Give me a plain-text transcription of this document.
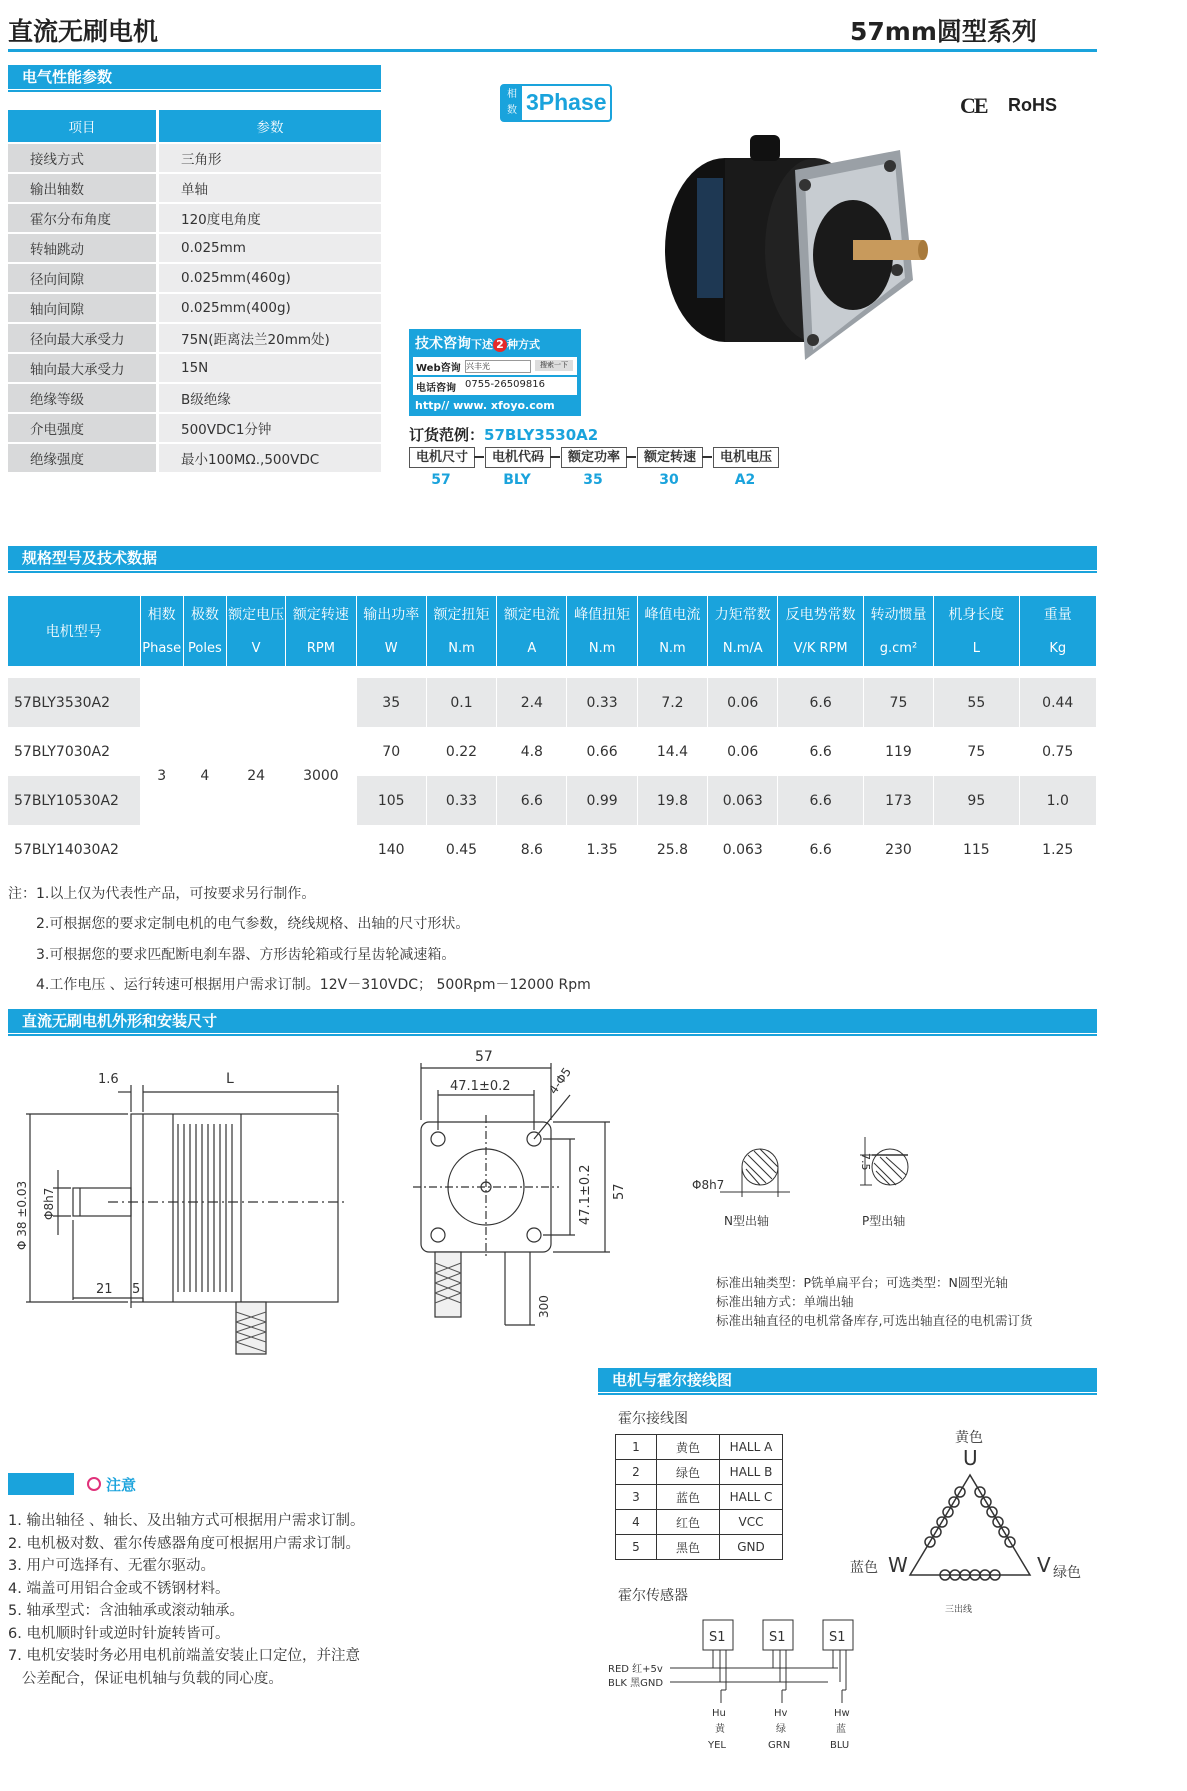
直流无刷电机	57mm圆型系列
电气性能参数
项目	参数
接线方式	三角形
输出轴数	单轴
霍尔分布角度	120度电角度
转轴跳动	0.025mm
径向间隙	0.025mm(460g)
轴向间隙	0.025mm(400g)
径向最大承受力	75N(距离法兰20mm处)
轴向最大承受力	15N
绝缘等级	B级绝缘
介电强度	500VDC1分钟
绝缘强度	最小100MΩ.,500VDC
相
数 3Phase	CE RoHS
技术咨询下述 2 种方式
Web咨询 兴丰光	搜索一下
电话咨询 0755-26509816
http// www. xfoyo.com
订货范例：57BLY3530A2
电机尺寸	电机代码	额定功率	额定转速	电机电压
57	BLY	35	30	A2
规格型号及技术数据
电机型号	相数	极数	额定电压	额定转速	输出功率	额定扭矩	额定电流	峰值扭矩	峰值电流	力矩常数	反电势常数	转动惯量	机身长度	重量
	Phase	Poles	V	RPM	W	N.m	A	N.m	N.m	N.m/A	V/K RPM	g.cm²	L	Kg

57BLY3530A2	3	4	24	3000	35	0.1	2.4	0.33	7.2	0.06	6.6	75	55	0.44
57BLY7030A2					70	0.22	4.8	0.66	14.4	0.06	6.6	119	75	0.75
57BLY10530A2					105	0.33	6.6	0.99	19.8	0.063	6.6	173	95	1.0
57BLY14030A2					140	0.45	8.6	1.35	25.8	0.063	6.6	230	115	1.25
注：1.以上仅为代表性产品，可按要求另行制作。
2.可根据您的要求定制电机的电气参数，绕线规格、出轴的尺寸形状。
3.可根据您的要求匹配断电刹车器、方形齿轮箱或行星齿轮减速箱。
4.工作电压 、运行转速可根据用户需求订制。12V－310VDC； 500Rpm－12000 Rpm
直流无刷电机外形和安装尺寸
1.6	L
21 5
Φ 38 ±0.03 Φ8h7
57
47.1±0.2	4-Φ5
47.1±0.2 57
300
Φ8h7
N型出轴
7.5
P型出轴
标准出轴类型：P铣单扁平台；可选类型：N圆型光轴
标准出轴方式：单端出轴
标准出轴直径的电机常备库存,可选出轴直径的电机需订货
注意
1. 输出轴径 、轴长、及出轴方式可根据用户需求订制。
2. 电机极对数、霍尔传感器角度可根据用户需求订制。
3. 用户可选择有、无霍尔驱动。
4. 端盖可用铝合金或不锈钢材料。
5. 轴承型式：含油轴承或滚动轴承。
6. 电机顺时针或逆时针旋转皆可。
7. 电机安装时务必用电机前端盖安装止口定位，并注意
公差配合，保证电机轴与负载的同心度。
电机与霍尔接线图
霍尔接线图
1	黄色	HALL A
2	绿色	HALL B
3	蓝色	HALL C
4	红色	VCC
5	黑色	GND
黄色
U
蓝色 W	V 绿色
三出线
霍尔传感器
S1	S1	S1
RED 红+5v
BLK 黑GND
Hu
黄
YEL
Hv
绿
GRN
Hw
蓝
BLU
